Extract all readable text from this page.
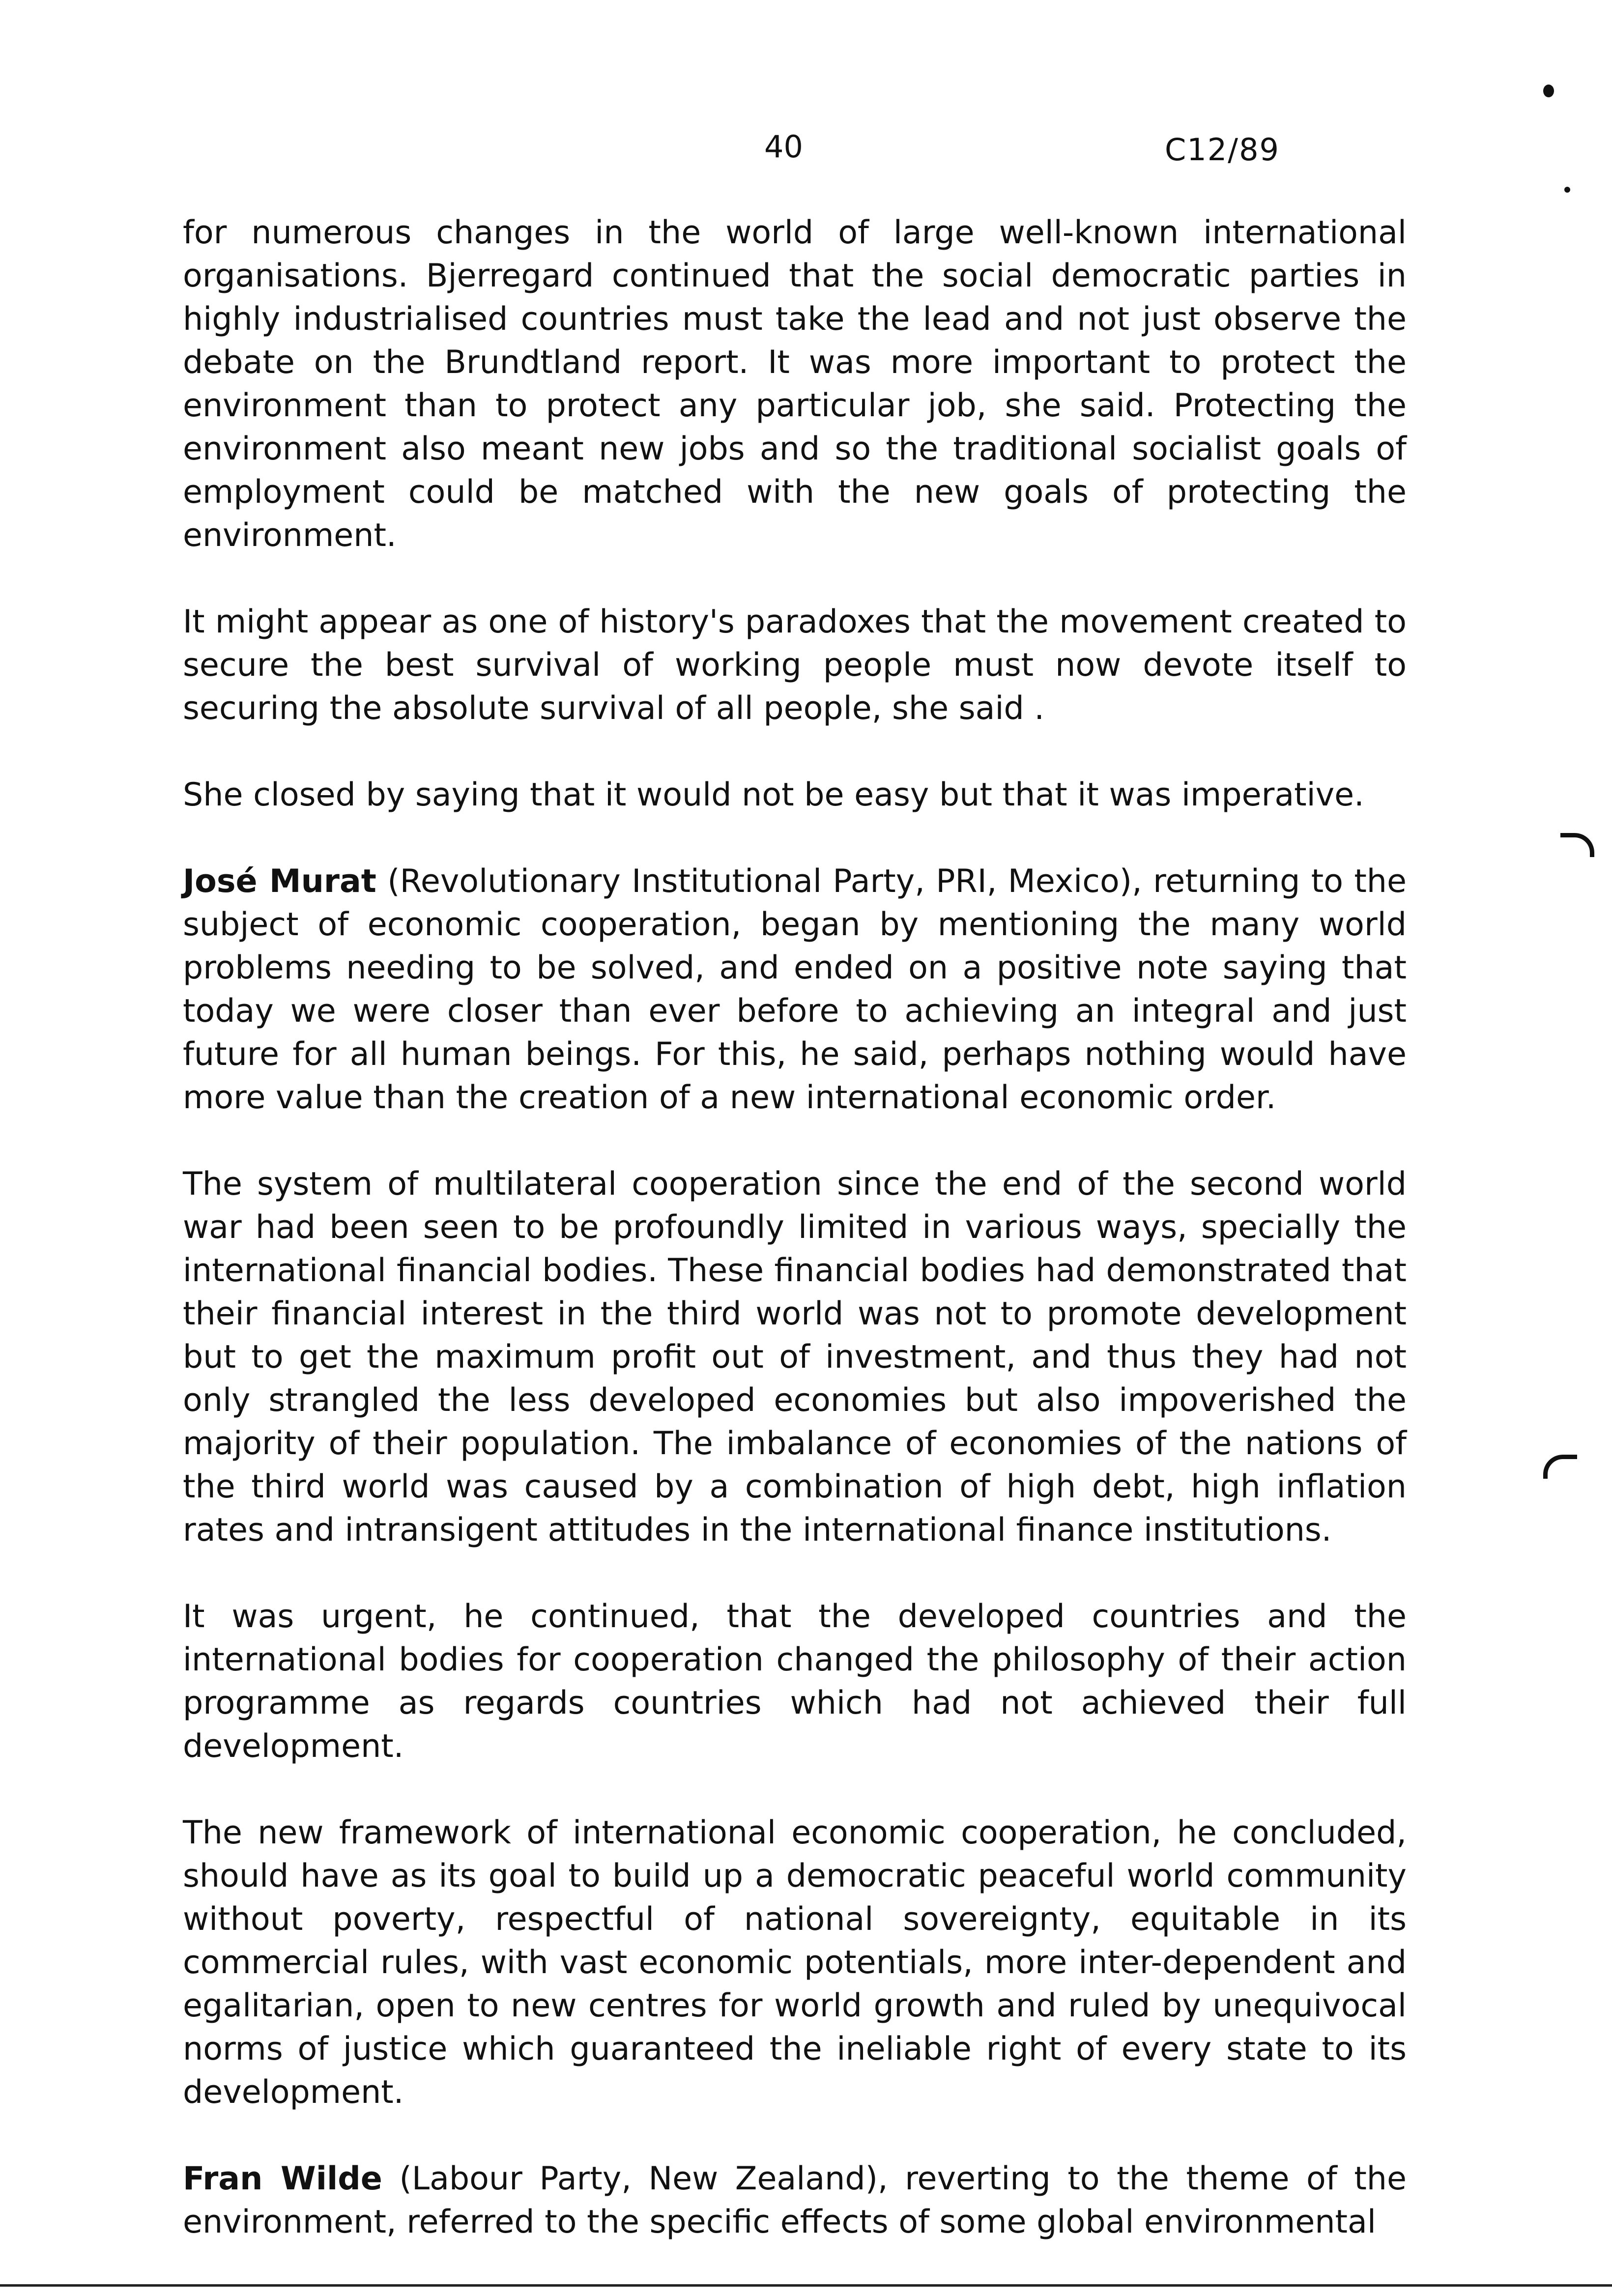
40	C12/89

for numerous changes in the world of large well-known international organisations. Bjerregard continued that the social democratic parties in highly industrialised countries must take the lead and not just observe the debate on the Brundtland report. It was more important to protect the environment than to protect any particular job, she said. Protecting the environment also meant new jobs and so the traditional socialist goals of employment could be matched with the new goals of protecting the environment.

It might appear as one of history's paradoxes that the movement created to secure the best survival of working people must now devote itself to securing the absolute survival of all people, she said .

She closed by saying that it would not be easy but that it was imperative.

José Murat (Revolutionary Institutional Party, PRI, Mexico), returning to the subject of economic cooperation, began by mentioning the many world problems needing to be solved, and ended on a positive note saying that today we were closer than ever before to achieving an integral and just future for all human beings. For this, he said, perhaps nothing would have more value than the creation of a new international economic order.

The system of multilateral cooperation since the end of the second world war had been seen to be profoundly limited in various ways, specially the international financial bodies. These financial bodies had demonstrated that their financial interest in the third world was not to promote development but to get the maximum profit out of investment, and thus they had not only strangled the less developed economies but also impoverished the majority of their population. The imbalance of economies of the nations of the third world was caused by a combination of high debt, high inflation rates and intransigent attitudes in the international finance institutions.

It was urgent, he continued, that the developed countries and the international bodies for cooperation changed the philosophy of their action programme as regards countries which had not achieved their full development.

The new framework of international economic cooperation, he concluded, should have as its goal to build up a democratic peaceful world community without poverty, respectful of national sovereignty, equitable in its commercial rules, with vast economic potentials, more inter-dependent and egalitarian, open to new centres for world growth and ruled by unequivocal norms of justice which guaranteed the ineliable right of every state to its development.

Fran Wilde (Labour Party, New Zealand), reverting to the theme of the environment, referred to the specific effects of some global environmental
